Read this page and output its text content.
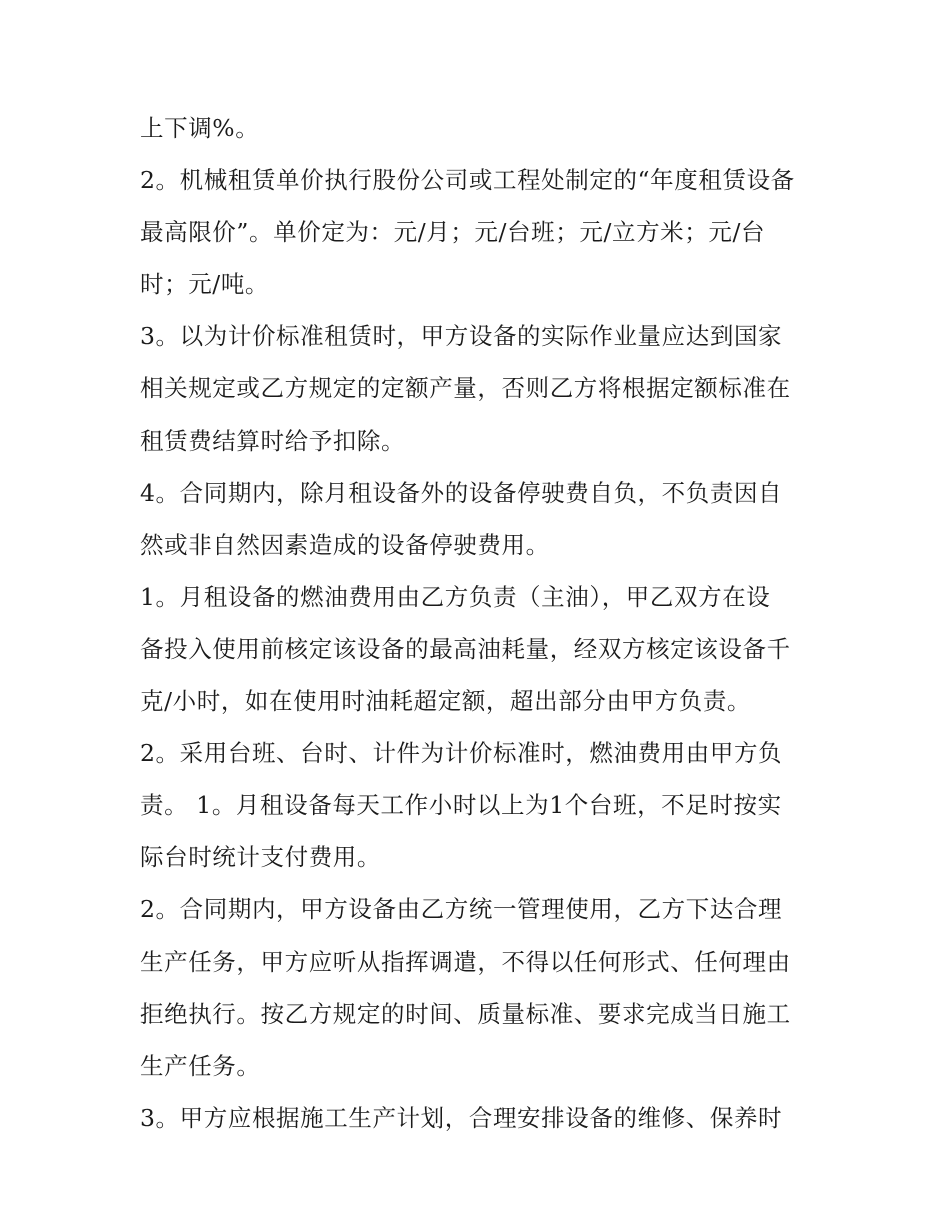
上下调%。
2。机械租赁单价执行股份公司或工程处制定的“年度租赁设备
最高限价”。单价定为：元/月；元/台班；元/立方米；元/台
时；元/吨。
3。以为计价标准租赁时，甲方设备的实际作业量应达到国家
相关规定或乙方规定的定额产量，否则乙方将根据定额标准在
租赁费结算时给予扣除。
4。合同期内，除月租设备外的设备停驶费自负，不负责因自
然或非自然因素造成的设备停驶费用。
1。月租设备的燃油费用由乙方负责（主油），甲乙双方在设
备投入使用前核定该设备的最高油耗量，经双方核定该设备千
克/小时，如在使用时油耗超定额，超出部分由甲方负责。
2。采用台班、台时、计件为计价标准时，燃油费用由甲方负
责。 1。月租设备每天工作小时以上为1个台班，不足时按实
际台时统计支付费用。
2。合同期内，甲方设备由乙方统一管理使用，乙方下达合理
生产任务，甲方应听从指挥调遣，不得以任何形式、任何理由
拒绝执行。按乙方规定的时间、质量标准、要求完成当日施工
生产任务。
3。甲方应根据施工生产计划，合理安排设备的维修、保养时
